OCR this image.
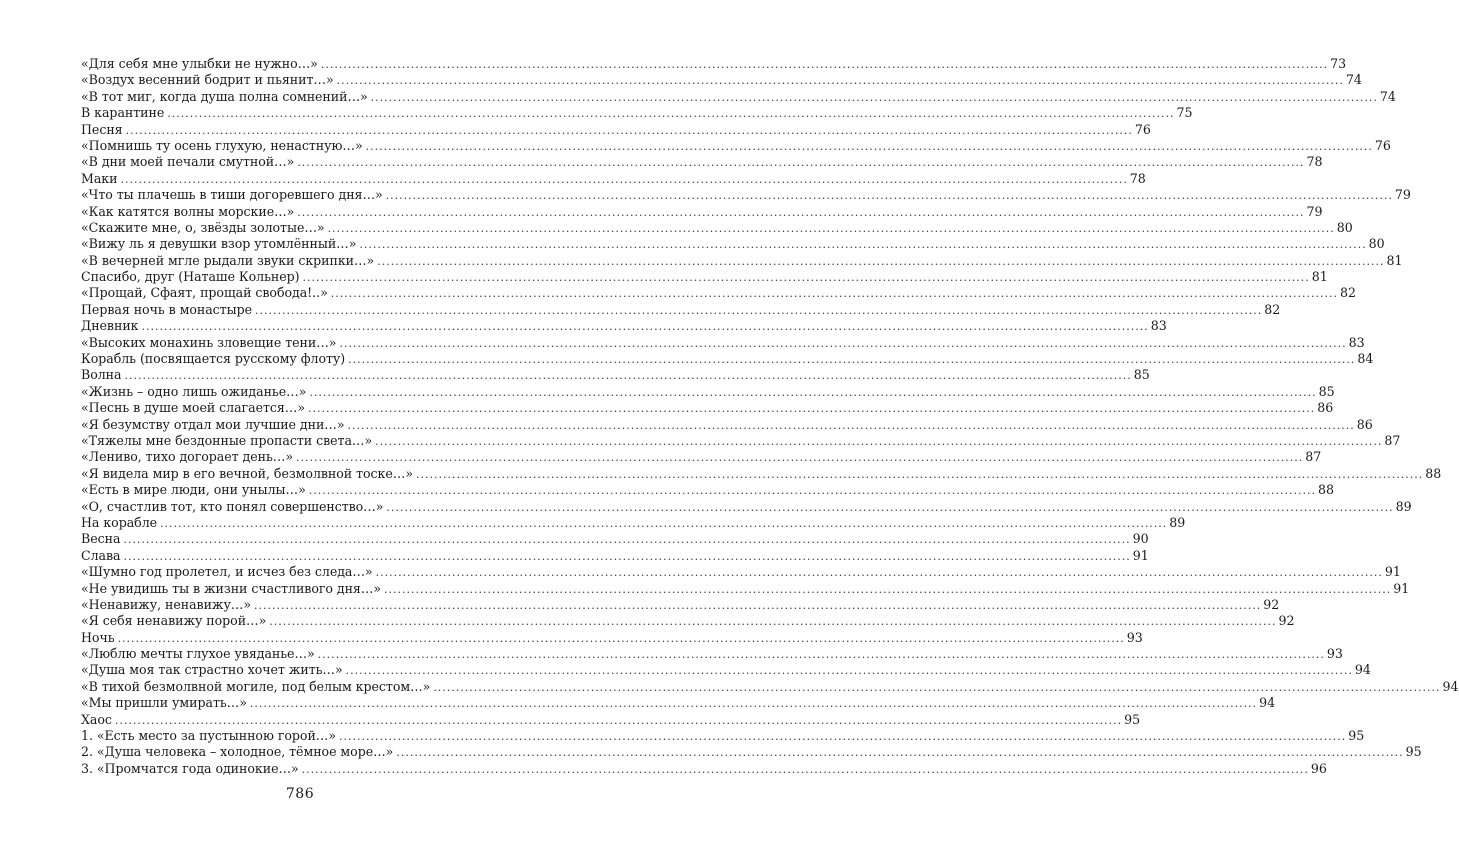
«Для себя мне улыбки не нужно…» .....	73
«Воздух весенний бодрит и пьянит…» .....	74
«В тот миг, когда душа полна сомнений…» .....	74
В карантине .....	75
Песня .....	76
«Помнишь ту осень глухую, ненастную…» .....	76
«В дни моей печали смутной…» .....	78
Маки .....	78
«Что ты плачешь в тиши догоревшего дня…» .....	79
«Как катятся волны морские…» .....	79
«Скажите мне, о, звёзды золотые…» .....	80
«Вижу ль я девушки взор утомлённый…» .....	80
«В вечерней мгле рыдали звуки скрипки…» .....	81
Спасибо, друг (Наташе Кольнер) .....	81
«Прощай, Сфаят, прощай свобода!..» .....	82
Первая ночь в монастыре .....	82
Дневник .....	83
«Высоких монахинь зловещие тени…» .....	83
Корабль (посвящается русскому флоту) .....	84
Волна .....	85
«Жизнь – одно лишь ожиданье…» .....	85
«Песнь в душе моей слагается…» .....	86
«Я безумству отдал мои лучшие дни…» .....	86
«Тяжелы мне бездонные пропасти света…» .....	87
«Лениво, тихо догорает день…» .....	87
«Я видела мир в его вечной, безмолвной тоске…» .....	88
«Есть в мире люди, они унылы…» .....	88
«О, счастлив тот, кто понял совершенство…» .....	89
На корабле .....	89
Весна .....	90
Слава .....	91
«Шумно год пролетел, и исчез без следа…» .....	91
«Не увидишь ты в жизни счастливого дня…» .....	91
«Ненавижу, ненавижу…» .....	92
«Я себя ненавижу порой…» .....	92
Ночь .....	93
«Люблю мечты глухое увяданье…» .....	93
«Душа моя так страстно хочет жить…» .....	94
«В тихой безмолвной могиле, под белым крестом…» .....	94
«Мы пришли умирать…» .....	94
Хаос .....	95
1. «Есть место за пустынною горой…» .....	95
2. «Душа человека – холодное, тёмное море…» .....	95
3. «Промчатся года одинокие…» .....	96
786
